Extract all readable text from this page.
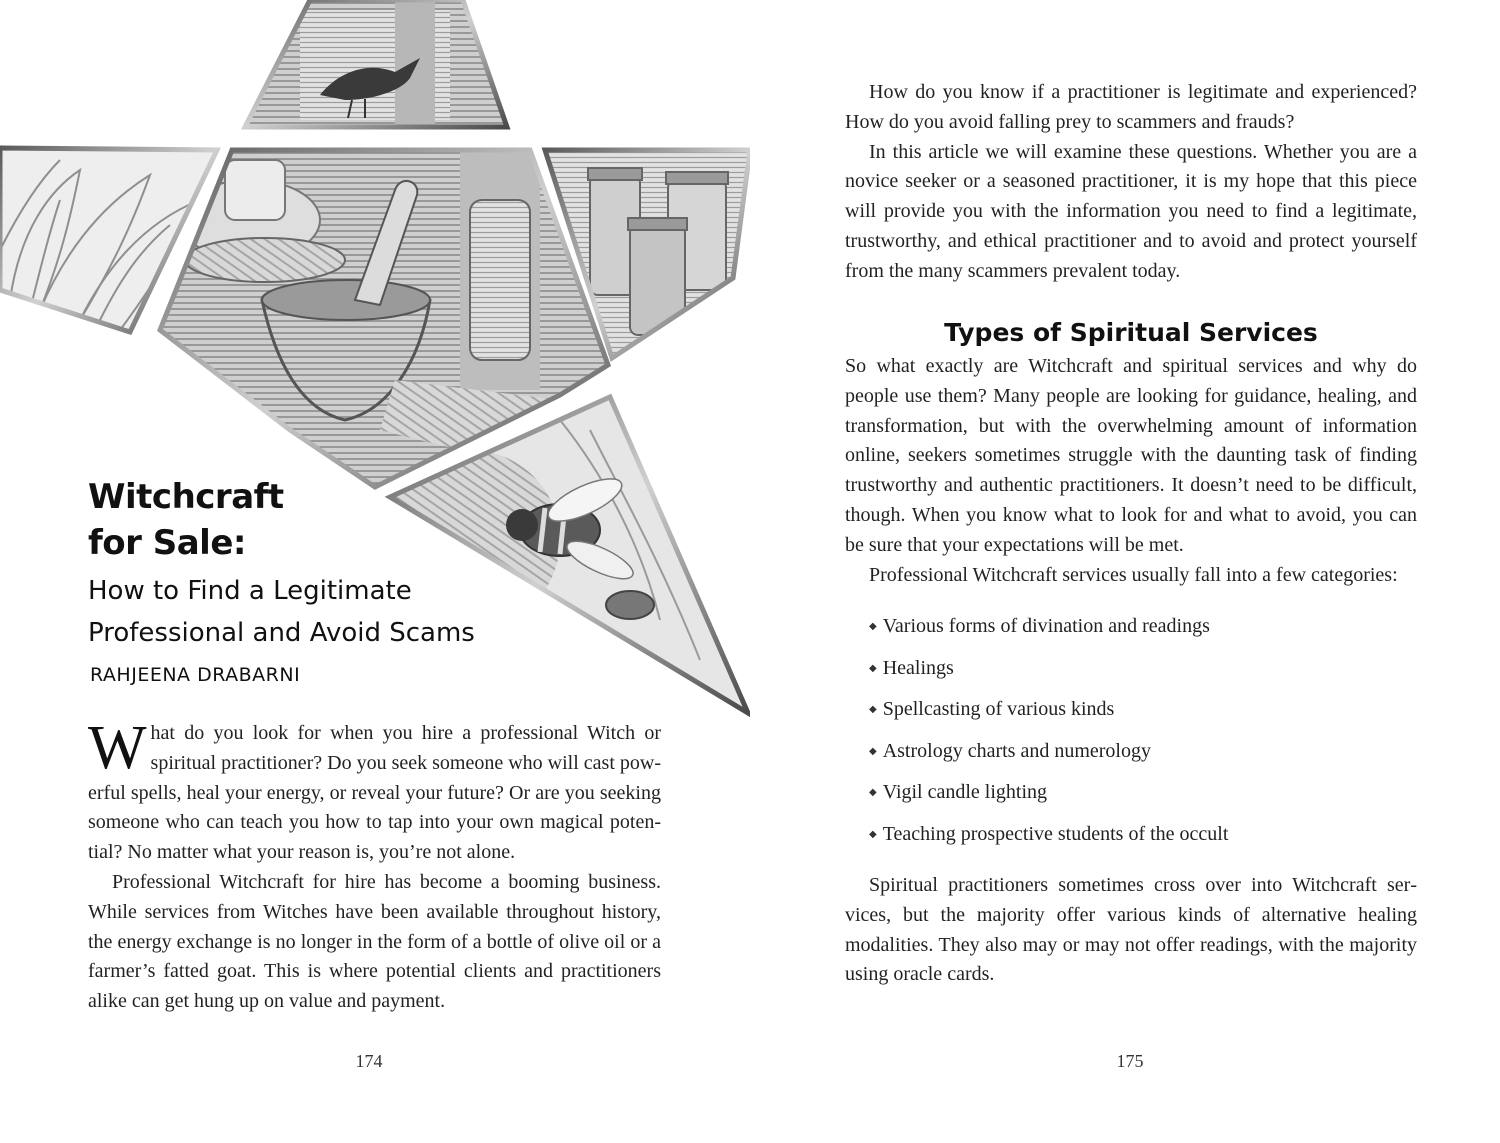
Witchcraft

for Sale:

How to Find a Legitimate

Professional and Avoid Scams

RAHJEENA DRABARNI

What do you look for when you hire a professional Witch or spiritual practitioner? Do you seek someone who will cast powerful spells, heal your energy, or reveal your future? Or are you seeking someone who can teach you how to tap into your own magical potential? No matter what your reason is, you’re not alone.

Professional Witchcraft for hire has become a booming business. While services from Witches have been available throughout history, the energy exchange is no longer in the form of a bottle of olive oil or a farmer’s fatted goat. This is where potential clients and practitioners alike can get hung up on value and payment.

174

How do you know if a practitioner is legitimate and experienced? How do you avoid falling prey to scammers and frauds?

In this article we will examine these questions. Whether you are a novice seeker or a seasoned practitioner, it is my hope that this piece will provide you with the information you need to find a legitimate, trustworthy, and ethical practitioner and to avoid and protect yourself from the many scammers prevalent today.

Types of Spiritual Services

So what exactly are Witchcraft and spiritual services and why do people use them? Many people are looking for guidance, healing, and transformation, but with the overwhelming amount of information online, seekers sometimes struggle with the daunting task of finding trustworthy and authentic practitioners. It doesn’t need to be difficult, though. When you know what to look for and what to avoid, you can be sure that your expectations will be met.

Professional Witchcraft services usually fall into a few categories:

◆ Various forms of divination and readings
◆ Healings
◆ Spellcasting of various kinds
◆ Astrology charts and numerology
◆ Vigil candle lighting
◆ Teaching prospective students of the occult

Spiritual practitioners sometimes cross over into Witchcraft services, but the majority offer various kinds of alternative healing modalities. They also may or may not offer readings, with the majority using oracle cards.

175
